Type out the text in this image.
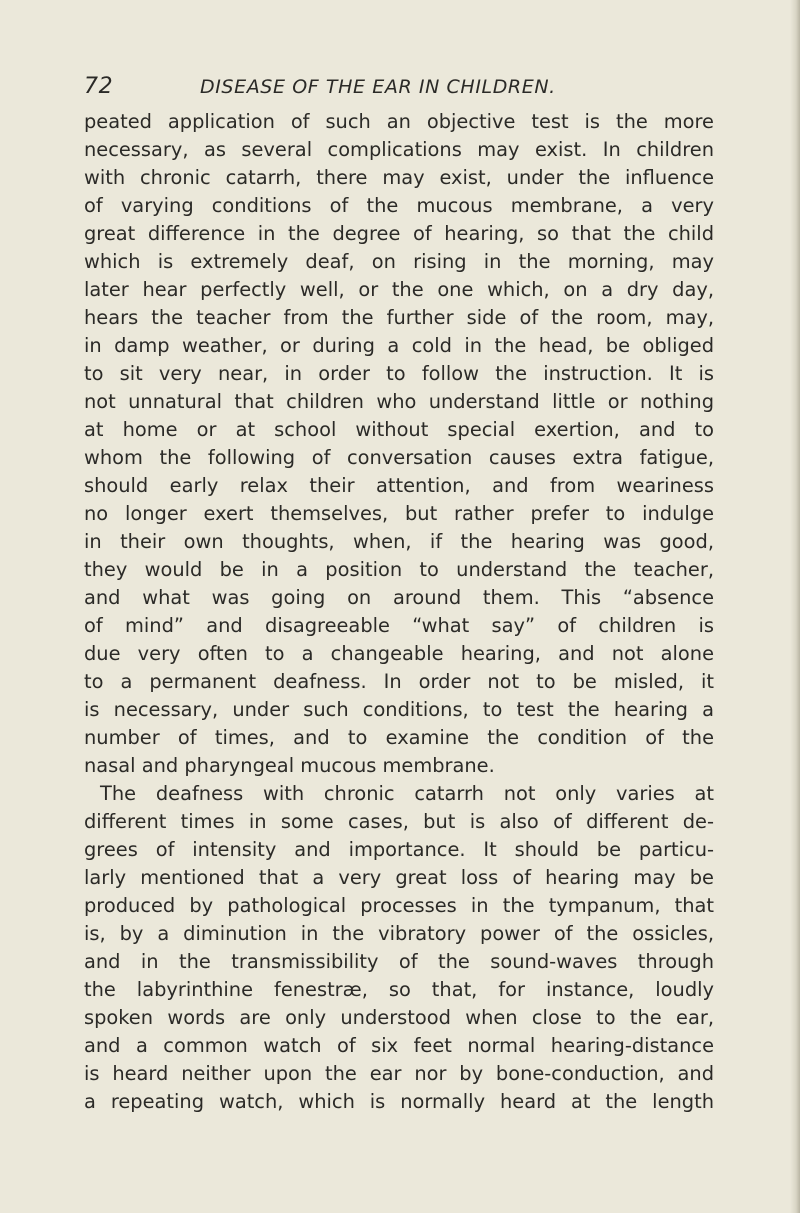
72	DISEASE OF THE EAR IN CHILDREN.
peated application of such an objective test is the more
necessary, as several complications may exist. In children
with chronic catarrh, there may exist, under the influence
of varying conditions of the mucous membrane, a very
great difference in the degree of hearing, so that the child
which is extremely deaf, on rising in the morning, may
later hear perfectly well, or the one which, on a dry day,
hears the teacher from the further side of the room, may,
in damp weather, or during a cold in the head, be obliged
to sit very near, in order to follow the instruction. It is
not unnatural that children who understand little or nothing
at home or at school without special exertion, and to
whom the following of conversation causes extra fatigue,
should early relax their attention, and from weariness
no longer exert themselves, but rather prefer to indulge
in their own thoughts, when, if the hearing was good,
they would be in a position to understand the teacher,
and what was going on around them. This “absence
of mind” and disagreeable “what say” of children is
due very often to a changeable hearing, and not alone
to a permanent deafness. In order not to be misled, it
is necessary, under such conditions, to test the hearing a
number of times, and to examine the condition of the
nasal and pharyngeal mucous membrane.
The deafness with chronic catarrh not only varies at
different times in some cases, but is also of different de-
grees of intensity and importance. It should be particu-
larly mentioned that a very great loss of hearing may be
produced by pathological processes in the tympanum, that
is, by a diminution in the vibratory power of the ossicles,
and in the transmissibility of the sound-waves through
the labyrinthine fenestræ, so that, for instance, loudly
spoken words are only understood when close to the ear,
and a common watch of six feet normal hearing-distance
is heard neither upon the ear nor by bone-conduction, and
a repeating watch, which is normally heard at the length
